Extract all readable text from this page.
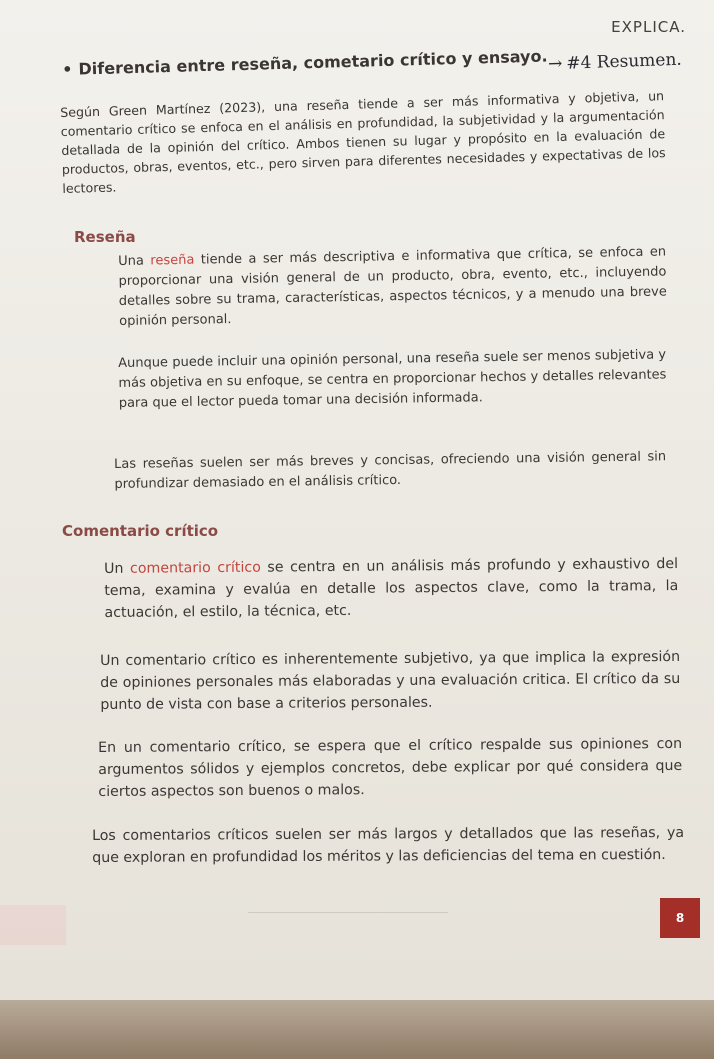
EXPLICA.
→ #4 Resumen.
• Diferencia entre reseña, cometario crítico y ensayo.
Según Green Martínez (2023), una reseña tiende a ser más informativa y objetiva, un comentario crítico se enfoca en el análisis en profundidad, la subjetividad y la argumentación detallada de la opinión del crítico. Ambos tienen su lugar y propósito en la evaluación de productos, obras, eventos, etc., pero sirven para diferentes necesidades y expectativas de los lectores.
Reseña
Una reseña tiende a ser más descriptiva e informativa que crítica, se enfoca en proporcionar una visión general de un producto, obra, evento, etc., incluyendo detalles sobre su trama, características, aspectos técnicos, y a menudo una breve opinión personal.
Aunque puede incluir una opinión personal, una reseña suele ser menos subjetiva y más objetiva en su enfoque, se centra en proporcionar hechos y detalles relevantes para que el lector pueda tomar una decisión informada.
Las reseñas suelen ser más breves y concisas, ofreciendo una visión general sin profundizar demasiado en el análisis crítico.
Comentario crítico
Un comentario crítico se centra en un análisis más profundo y exhaustivo del tema, examina y evalúa en detalle los aspectos clave, como la trama, la actuación, el estilo, la técnica, etc.
Un comentario crítico es inherentemente subjetivo, ya que implica la expresión de opiniones personales más elaboradas y una evaluación critica. El crítico da su punto de vista con base a criterios personales.
En un comentario crítico, se espera que el crítico respalde sus opiniones con argumentos sólidos y ejemplos concretos, debe explicar por qué considera que ciertos aspectos son buenos o malos.
Los comentarios críticos suelen ser más largos y detallados que las reseñas, ya que exploran en profundidad los méritos y las deficiencias del tema en cuestión.
8
